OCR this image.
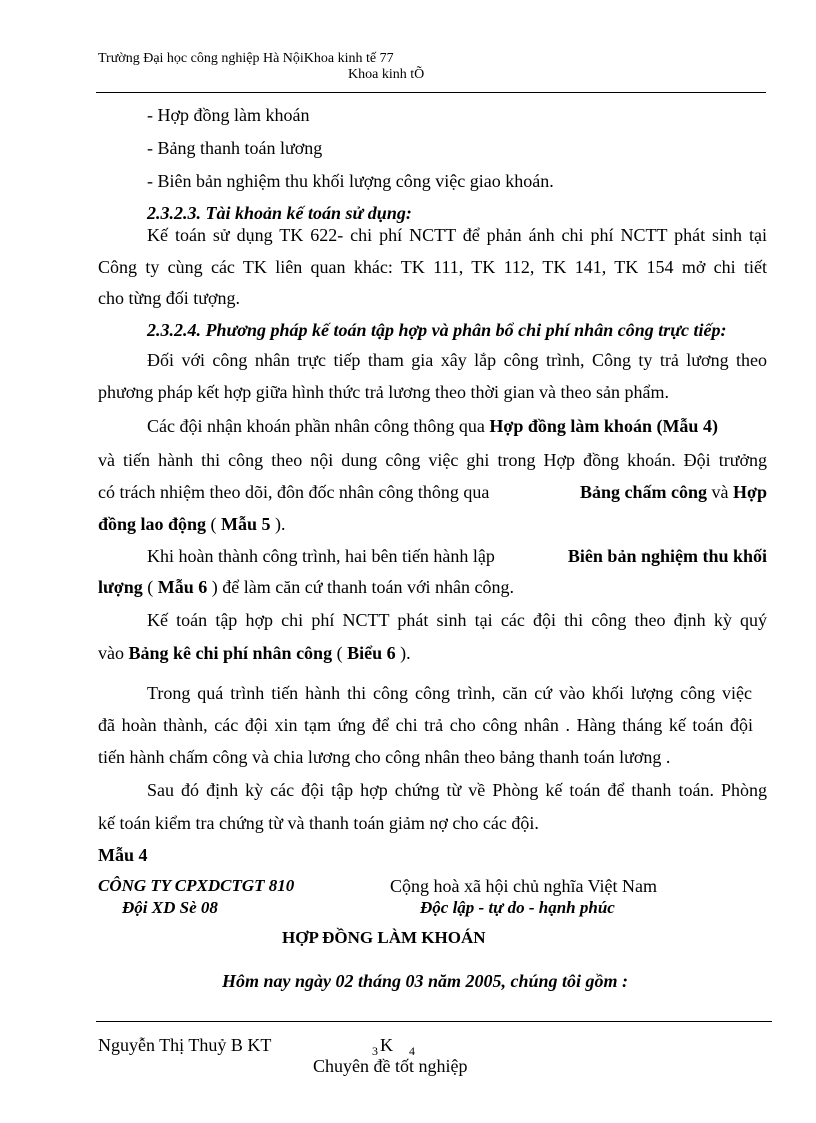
Trường Đại học công nghiệp Hà NộiKhoa kinh tế 77
Khoa kinh tÕ
- Hợp đồng làm khoán
- Bảng thanh toán lương
- Biên bản nghiệm thu khối lượng công việc giao khoán.
2.3.2.3. Tài khoản kế toán sử dụng:
Kế toán sử dụng TK 622- chi phí NCTT để phản ánh chi phí NCTT phát sinh tại
Công ty cùng các TK liên quan khác: TK 111, TK 112, TK 141, TK 154 mở chi tiết
cho từng đối tượng.
2.3.2.4. Phương pháp kế toán tập hợp và phân bổ chi phí nhân công trực tiếp:
Đối với công nhân trực tiếp tham gia xây lắp công trình, Công ty trả lương theo
phương pháp kết hợp giữa hình thức trả lương theo thời gian và theo sản phẩm.
Các đội nhận khoán phần nhân công thông qua Hợp đồng làm khoán (Mẫu 4)
và tiến hành thi công theo nội dung công việc ghi trong Hợp đồng khoán. Đội trưởng
có trách nhiệm theo dõi, đôn đốc nhân công thông qua	Bảng chấm công và Hợp
đồng lao động ( Mẫu 5 ).
Khi hoàn thành công trình, hai bên tiến hành lập	Biên bản nghiệm thu khối
lượng ( Mẫu 6 ) để làm căn cứ thanh toán với nhân công.
Kế toán tập hợp chi phí NCTT phát sinh tại các đội thi công theo định kỳ quý
vào Bảng kê chi phí nhân công ( Biểu 6 ).
Trong quá trình tiến hành thi công công trình, căn cứ vào khối lượng công việc
đã hoàn thành, các đội xin tạm ứng để chi trả cho công nhân . Hàng tháng kế toán đội
tiến hành chấm công và chia lương cho công nhân theo bảng thanh toán lương .
Sau đó định kỳ các đội tập hợp chứng từ về Phòng kế toán để thanh toán. Phòng
kế toán kiểm tra chứng từ và thanh toán giảm nợ cho các đội.
Mẫu 4
CÔNG TY CPXDCTGT 810
Đội XD Sè 08
Cộng hoà xã hội chủ nghĩa Việt Nam
Độc lập - tự do - hạnh phúc
HỢP ĐỒNG LÀM KHOÁN
Hôm nay ngày 02 tháng 03 năm 2005, chúng tôi gồm :
Nguyễn Thị Thuỷ B KT	3 K 4
Chuyên đề tốt nghiệp
